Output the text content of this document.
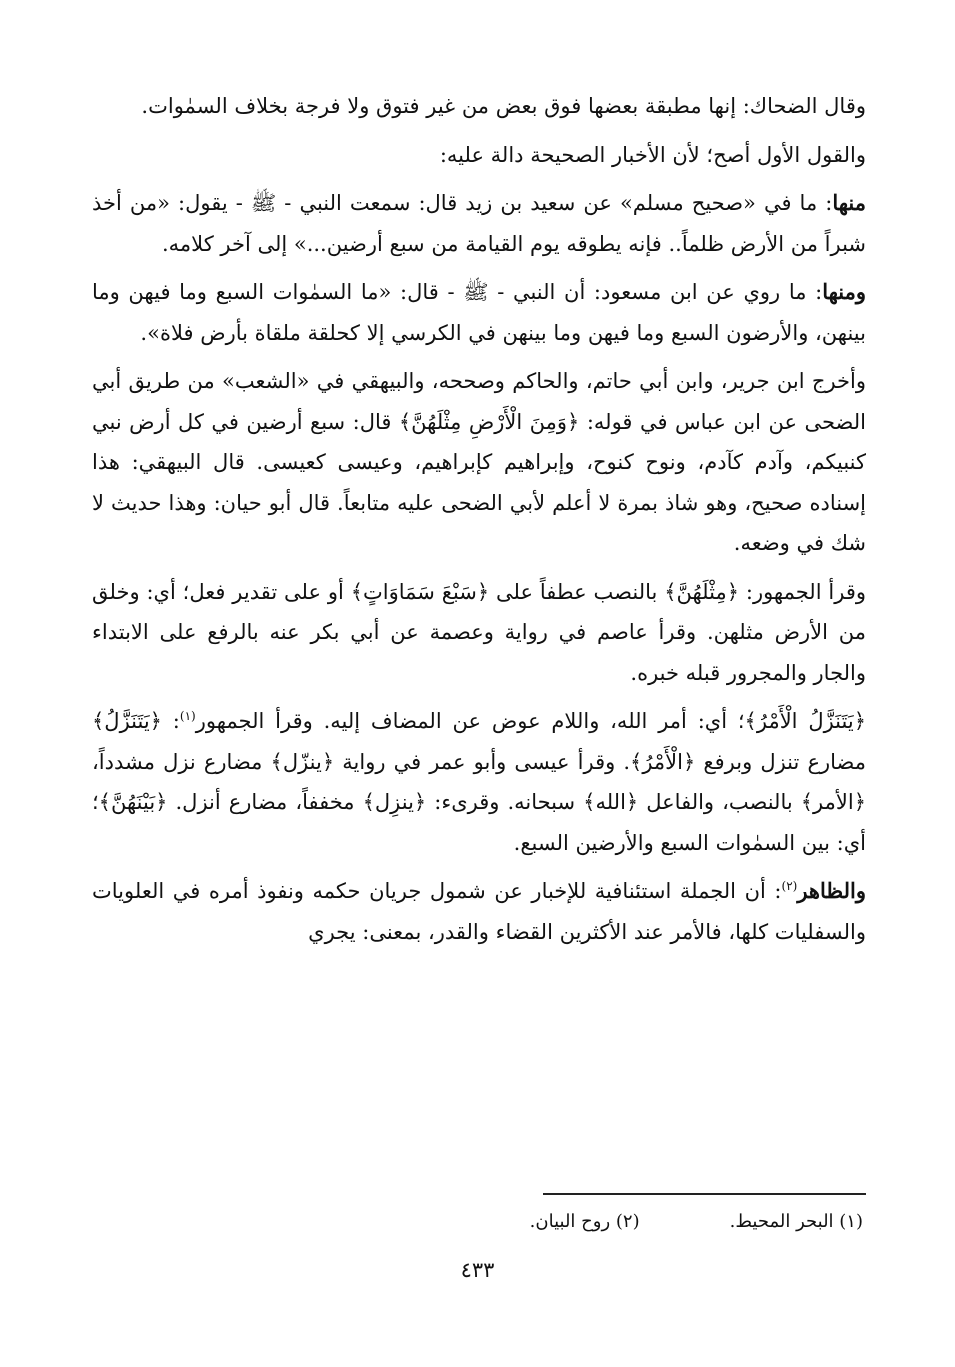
وقال الضحاك: إنها مطبقة بعضها فوق بعض من غير فتوق ولا فرجة بخلاف السمٰوات.

والقول الأول أصح؛ لأن الأخبار الصحيحة دالة عليه:

منها: ما في «صحيح مسلم» عن سعيد بن زيد قال: سمعت النبي - ﷺ - يقول: «من أخذ شبراً من الأرض ظلماً.. فإنه يطوقه يوم القيامة من سبع أرضين...» إلى آخر كلامه.

ومنها: ما روي عن ابن مسعود: أن النبي - ﷺ - قال: «ما السمٰوات السبع وما فيهن وما بينهن، والأرضون السبع وما فيهن وما بينهن في الكرسي إلا كحلقة ملقاة بأرض فلاة».

وأخرج ابن جرير، وابن أبي حاتم، والحاكم وصححه، والبيهقي في «الشعب» من طريق أبي الضحى عن ابن عباس في قوله: ﴿وَمِنَ الْأَرْضِ مِثْلَهُنَّ﴾ قال: سبع أرضين في كل أرض نبي كنبيكم، وآدم كآدم، ونوح كنوح، وإبراهيم كإبراهيم، وعيسى كعيسى. قال البيهقي: هذا إسناده صحيح، وهو شاذ بمرة لا أعلم لأبي الضحى عليه متابعاً. قال أبو حيان: وهذا حديث لا شك في وضعه.

وقرأ الجمهور: ﴿مِثْلَهُنَّ﴾ بالنصب عطفاً على ﴿سَبْعَ سَمَاوَاتٍ﴾ أو على تقدير فعل؛ أي: وخلق من الأرض مثلهن. وقرأ عاصم في رواية وعصمة عن أبي بكر عنه بالرفع على الابتداء والجار والمجرور قبله خبره.

﴿يَتَنَزَّلُ الْأَمْرُ﴾؛ أي: أمر الله، واللام عوض عن المضاف إليه. وقرأ الجمهور$^{(١)}$: ﴿يَتَنَزَّلُ﴾ مضارع تنزل وبرفع ﴿الْأَمْرُ﴾. وقرأ عيسى وأبو عمر في رواية ﴿ينزّل﴾ مضارع نزل مشدداً، ﴿الأمر﴾ بالنصب، والفاعل ﴿الله﴾ سبحانه. وقرىء: ﴿ينزِل﴾ مخففاً، مضارع أنزل. ﴿بَيْنَهُنَّ﴾؛ أي: بين السمٰوات السبع والأرضين السبع.

والظاهر$^{(٢)}$: أن الجملة استئنافية للإخبار عن شمول جريان حكمه ونفوذ أمره في العلويات والسفليات كلها، فالأمر عند الأكثرين القضاء والقدر، بمعنى: يجري

(١) البحر المحيط.
(٢) روح البيان.
٤٣٣
